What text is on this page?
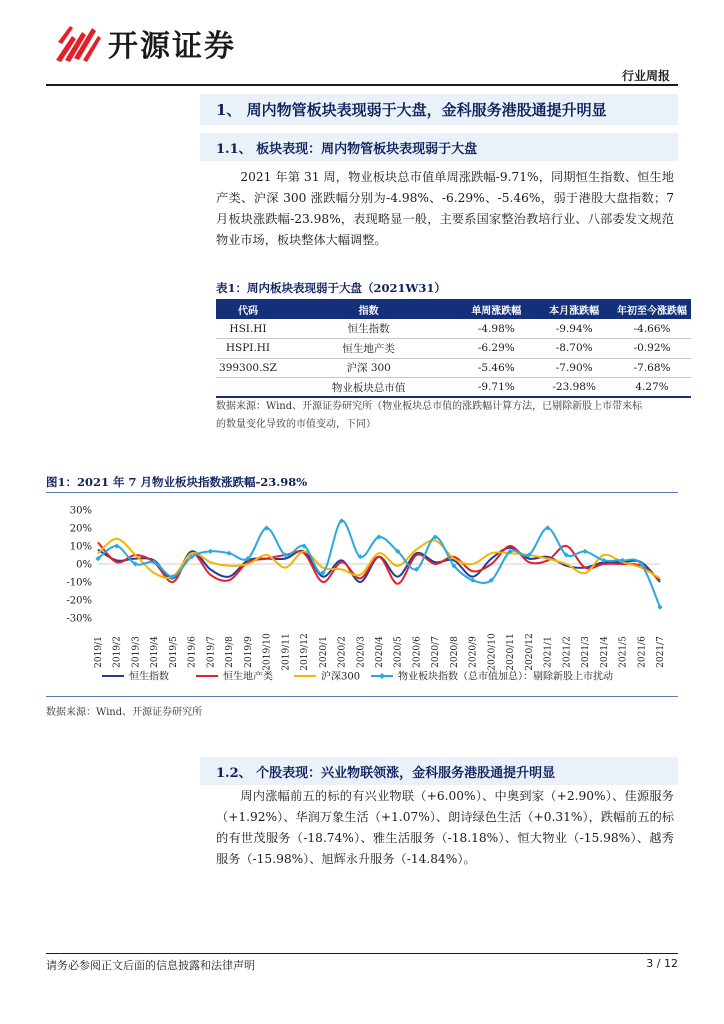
开源证券
行业周报
1、 周内物管板块表现弱于大盘，金科服务港股通提升明显
1.1、 板块表现：周内物管板块表现弱于大盘

2021 年第 31 周，物业板块总市值单周涨跌幅-9.71%，同期恒生指数、恒生地产类、沪深 300 涨跌幅分别为-4.98%、-6.29%、-5.46%，弱于港股大盘指数；7 月板块涨跌幅-23.98%，表现略显一般，主要系国家整治教培行业、八部委发文规范物业市场，板块整体大幅调整。

表1：周内板块表现弱于大盘（2021W31）
代码	指数	单周涨跌幅	本月涨跌幅	年初至今涨跌幅
HSI.HI	恒生指数	-4.98%	-9.94%	-4.66%
HSPI.HI	恒生地产类	-6.29%	-8.70%	-0.92%
399300.SZ	沪深 300	-5.46%	-7.90%	-7.68%
	物业板块总市值	-9.71%	-23.98%	4.27%
数据来源：Wind、开源证券研究所（物业板块总市值的涨跌幅计算方法，已剔除新股上市带来标
的数量变化导致的市值变动，下同）
图1：2021 年 7 月物业板块指数涨跌幅-23.98%
30%
20%
10%
0%
-10%
-20%
-30%
2019/1 2019/2 2019/3 2019/4 2019/5 2019/6 2019/7 2019/8 2019/9 2019/10 2019/11 2019/12 2020/1 2020/2 2020/3 2020/4 2020/5 2020/6 2020/7 2020/8 2020/9 2020/10 2020/11 2020/12 2021/1 2021/2 2021/3 2021/4 2021/5 2021/6 2021/7
恒生指数	恒生地产类	沪深300	物业板块指数（总市值加总）：剔除新股上市扰动
数据来源：Wind、开源证券研究所
1.2、 个股表现：兴业物联领涨，金科服务港股通提升明显

周内涨幅前五的标的有兴业物联（+6.00%）、中奥到家（+2.90%）、佳源服务（+1.92%）、华润万象生活（+1.07%）、朗诗绿色生活（+0.31%），跌幅前五的标的有世茂服务（-18.74%）、雅生活服务（-18.18%）、恒大物业（-15.98%）、越秀服务（-15.98%）、旭辉永升服务（-14.84%）。

请务必参阅正文后面的信息披露和法律声明	3 / 12
